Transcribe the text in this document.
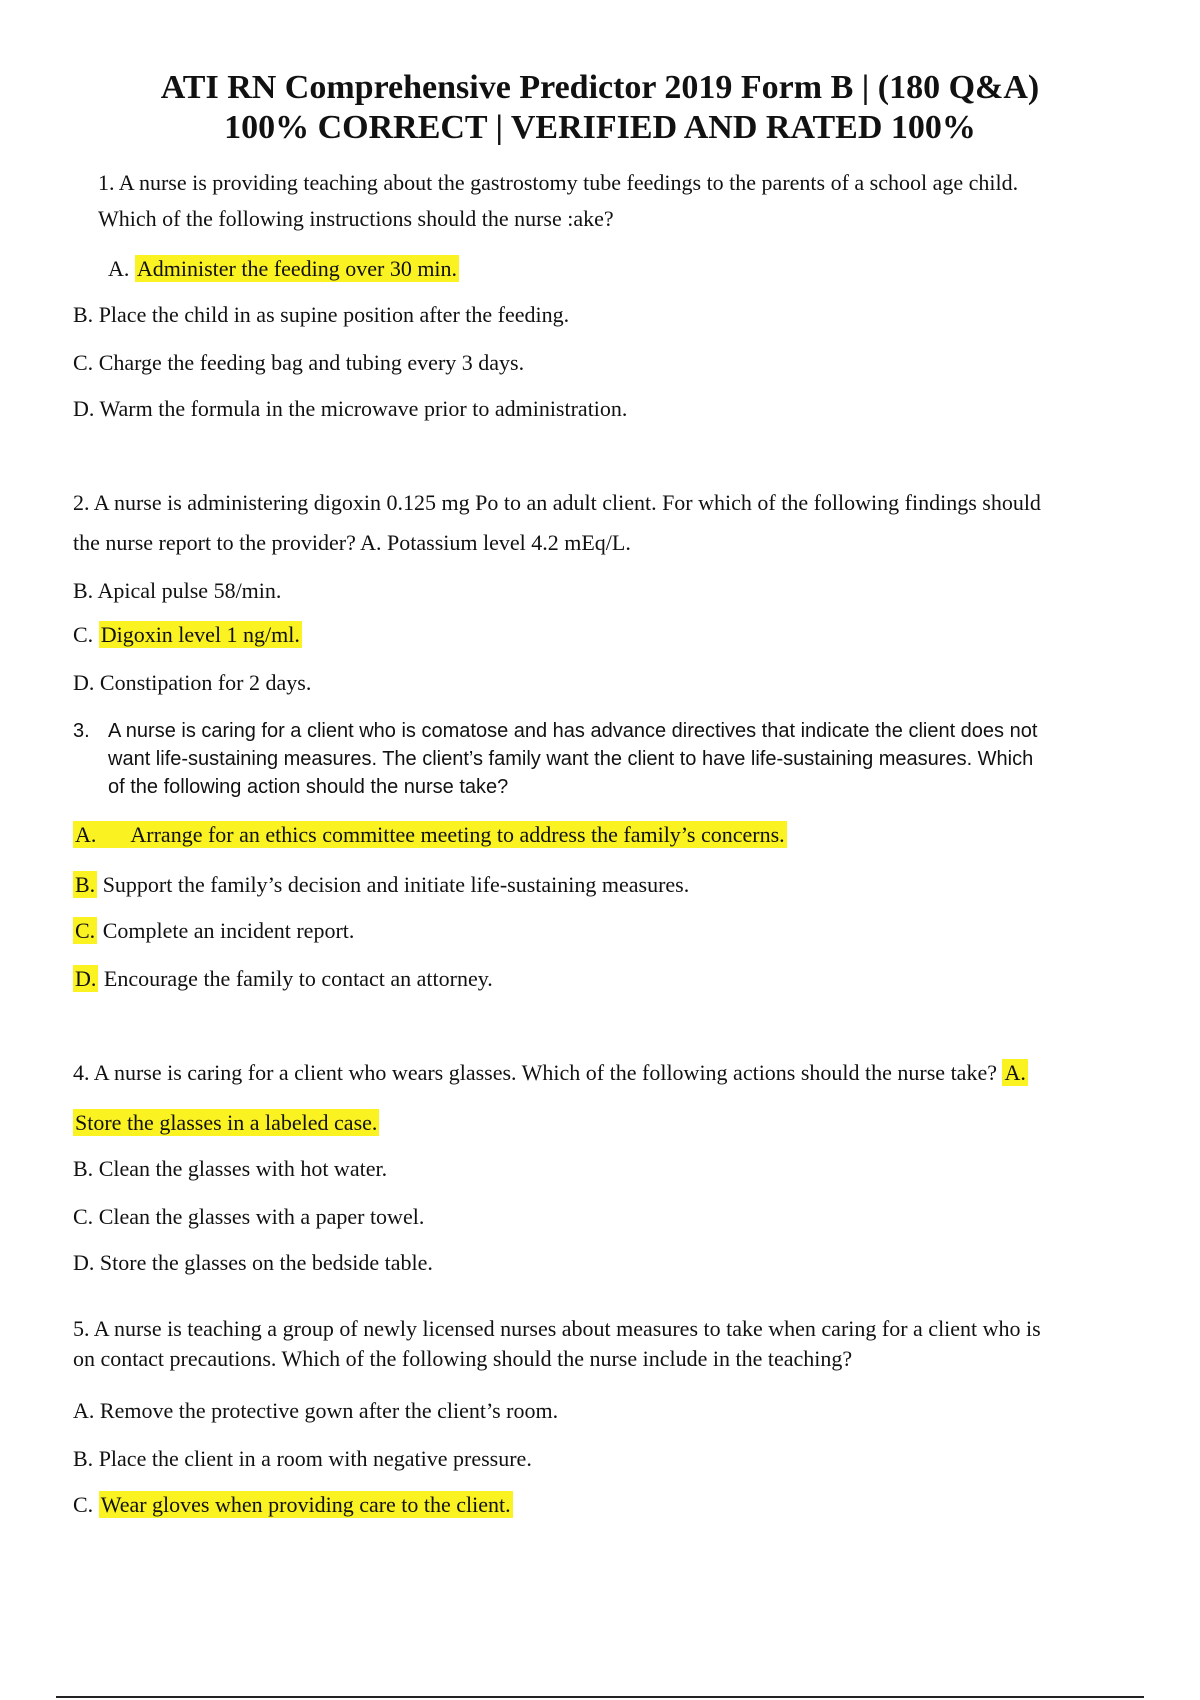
ATI RN Comprehensive Predictor 2019 Form B | (180 Q&A)
100% CORRECT | VERIFIED AND RATED 100%
1. A nurse is providing teaching about the gastrostomy tube feedings to the parents of a school age child.
Which of the following instructions should the nurse :ake?
A. Administer the feeding over 30 min.
B. Place the child in as supine position after the feeding.
C. Charge the feeding bag and tubing every 3 days.
D. Warm the formula in the microwave prior to administration.
2. A nurse is administering digoxin 0.125 mg Po to an adult client. For which of the following findings should
the nurse report to the provider? A. Potassium level 4.2 mEq/L.
B. Apical pulse 58/min.
C. Digoxin level 1 ng/ml.
D. Constipation for 2 days.
3. A nurse is caring for a client who is comatose and has advance directives that indicate the client does not
want life-sustaining measures. The client’s family want the client to have life-sustaining measures. Which
of the following action should the nurse take?
A. Arrange for an ethics committee meeting to address the family’s concerns.
B. Support the family’s decision and initiate life-sustaining measures.
C. Complete an incident report.
D. Encourage the family to contact an attorney.
4. A nurse is caring for a client who wears glasses. Which of the following actions should the nurse take? A.
Store the glasses in a labeled case.
B. Clean the glasses with hot water.
C. Clean the glasses with a paper towel.
D. Store the glasses on the bedside table.
5. A nurse is teaching a group of newly licensed nurses about measures to take when caring for a client who is
on contact precautions. Which of the following should the nurse include in the teaching?
A. Remove the protective gown after the client’s room.
B. Place the client in a room with negative pressure.
C. Wear gloves when providing care to the client.
